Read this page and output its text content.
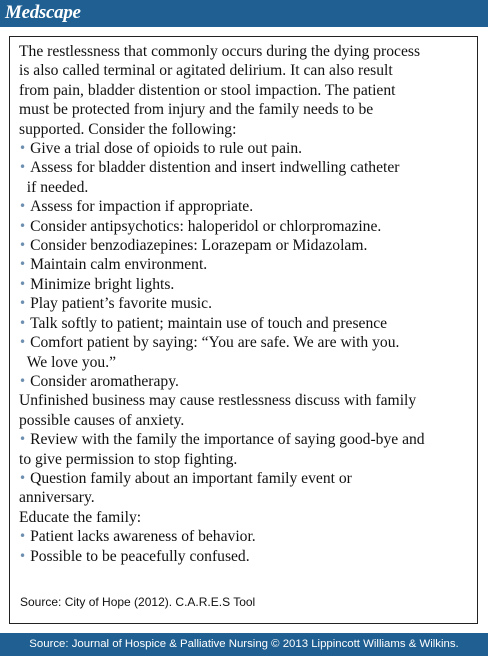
Medscape
The restlessness that commonly occurs during the dying process
is also called terminal or agitated delirium. It can also result
from pain, bladder distention or stool impaction. The patient
must be protected from injury and the family needs to be
supported. Consider the following:
• Give a trial dose of opioids to rule out pain.
• Assess for bladder distention and insert indwelling catheter
if needed.
• Assess for impaction if appropriate.
• Consider antipsychotics: haloperidol or chlorpromazine.
• Consider benzodiazepines: Lorazepam or Midazolam.
• Maintain calm environment.
• Minimize bright lights.
• Play patient’s favorite music.
• Talk softly to patient; maintain use of touch and presence
• Comfort patient by saying: “You are safe. We are with you.
We love you.”
• Consider aromatherapy.
Unfinished business may cause restlessness discuss with family
possible causes of anxiety.
• Review with the family the importance of saying good-bye and
to give permission to stop fighting.
• Question family about an important family event or
anniversary.
Educate the family:
• Patient lacks awareness of behavior.
• Possible to be peacefully confused.
Source: City of Hope (2012). C.A.R.E.S Tool
Source: Journal of Hospice & Palliative Nursing © 2013 Lippincott Williams & Wilkins.
